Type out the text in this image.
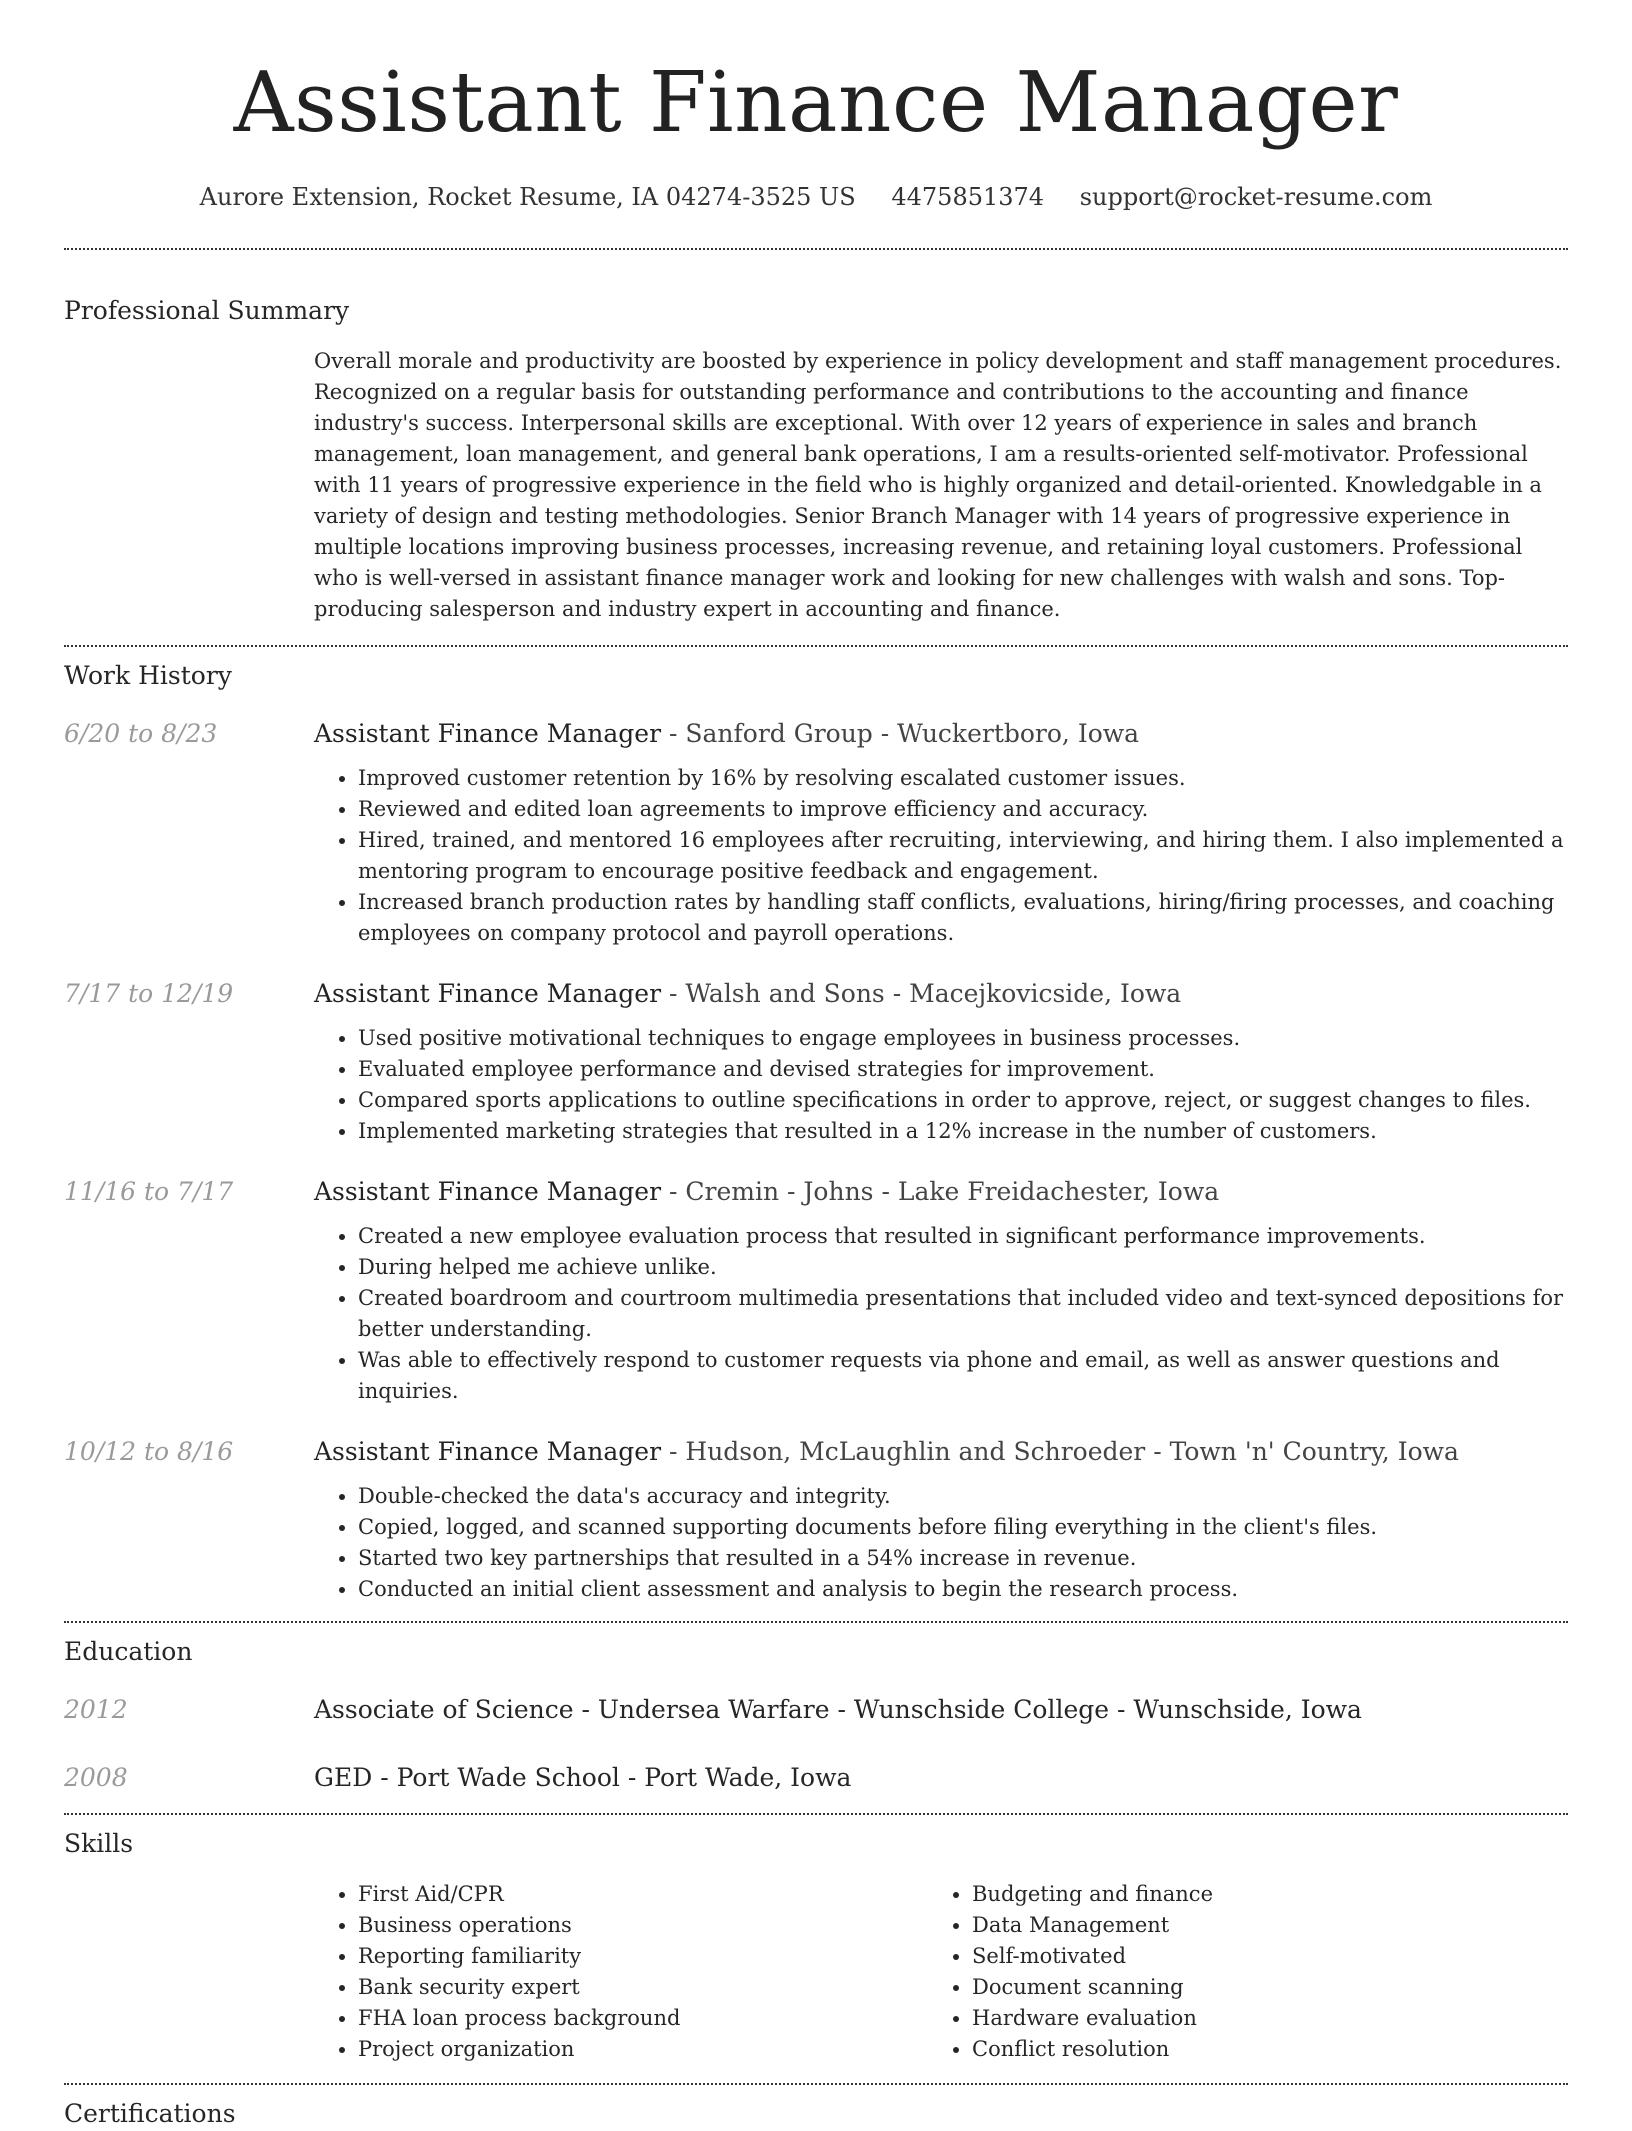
Assistant Finance Manager
Aurore Extension, Rocket Resume, IA 04274-3525 US 4475851374 support@rocket-resume.com
Professional Summary

Overall morale and productivity are boosted by experience in policy development and staff management procedures. Recognized on a regular basis for outstanding performance and contributions to the accounting and finance industry's success. Interpersonal skills are exceptional. With over 12 years of experience in sales and branch management, loan management, and general bank operations, I am a results-oriented self-motivator. Professional with 11 years of progressive experience in the field who is highly organized and detail-oriented. Knowledgable in a variety of design and testing methodologies. Senior Branch Manager with 14 years of progressive experience in multiple locations improving business processes, increasing revenue, and retaining loyal customers. Professional who is well-versed in assistant finance manager work and looking for new challenges with walsh and sons. Top-producing salesperson and industry expert in accounting and finance.

Work History
6/20 to 8/23	Assistant Finance Manager - Sanford Group - Wuckertboro, Iowa
• Improved customer retention by 16% by resolving escalated customer issues.
• Reviewed and edited loan agreements to improve efficiency and accuracy.
• Hired, trained, and mentored 16 employees after recruiting, interviewing, and hiring them. I also implemented a mentoring program to encourage positive feedback and engagement.
• Increased branch production rates by handling staff conflicts, evaluations, hiring/firing processes, and coaching employees on company protocol and payroll operations.
7/17 to 12/19	Assistant Finance Manager - Walsh and Sons - Macejkovicside, Iowa
• Used positive motivational techniques to engage employees in business processes.
• Evaluated employee performance and devised strategies for improvement.
• Compared sports applications to outline specifications in order to approve, reject, or suggest changes to files.
• Implemented marketing strategies that resulted in a 12% increase in the number of customers.
11/16 to 7/17	Assistant Finance Manager - Cremin - Johns - Lake Freidachester, Iowa
• Created a new employee evaluation process that resulted in significant performance improvements.
• During helped me achieve unlike.
• Created boardroom and courtroom multimedia presentations that included video and text-synced depositions for better understanding.
• Was able to effectively respond to customer requests via phone and email, as well as answer questions and inquiries.
10/12 to 8/16	Assistant Finance Manager - Hudson, McLaughlin and Schroeder - Town 'n' Country, Iowa
• Double-checked the data's accuracy and integrity.
• Copied, logged, and scanned supporting documents before filing everything in the client's files.
• Started two key partnerships that resulted in a 54% increase in revenue.
• Conducted an initial client assessment and analysis to begin the research process.
Education
2012	Associate of Science - Undersea Warfare - Wunschside College - Wunschside, Iowa
2008	GED - Port Wade School - Port Wade, Iowa
Skills
• First Aid/CPR
• Business operations
• Reporting familiarity
• Bank security expert
• FHA loan process background
• Project organization
• Budgeting and finance
• Data Management
• Self-motivated
• Document scanning
• Hardware evaluation
• Conflict resolution
Certifications
